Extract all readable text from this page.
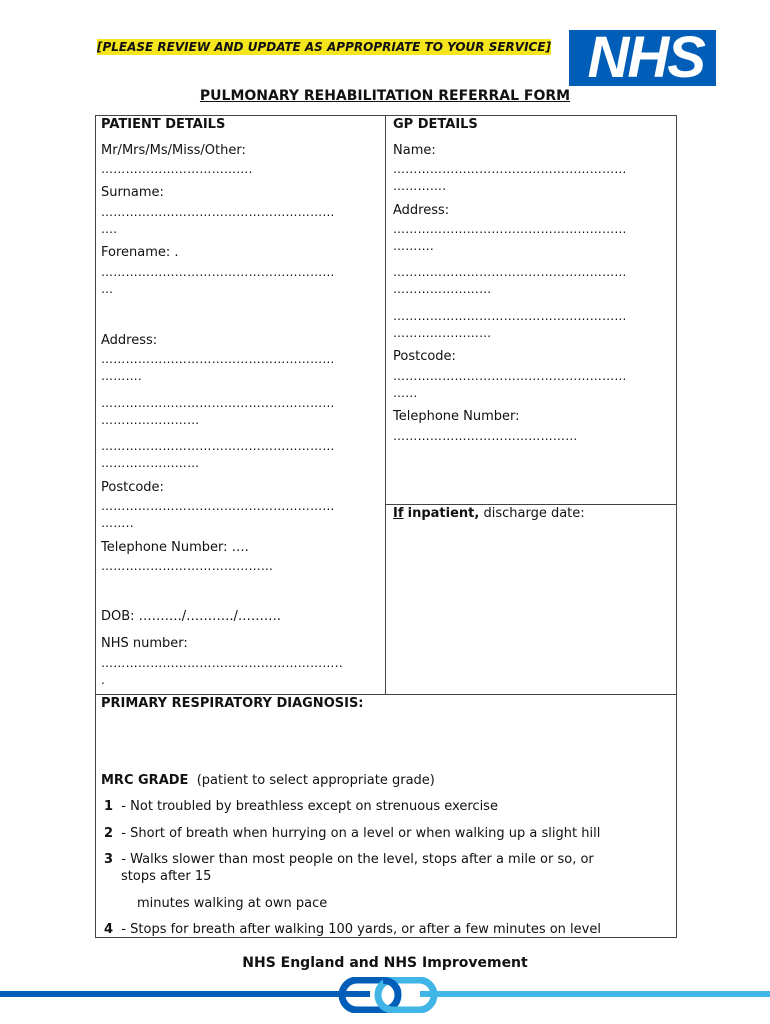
[PLEASE REVIEW AND UPDATE AS APPROPRIATE TO YOUR SERVICE] NHS
PULMONARY REHABILITATION REFERRAL FORM
PATIENT DETAILS
Mr/Mrs/Ms/Miss/Other:
……………………………….
Surname:
…………………………………………………
….
Forename: .
…………………………………………………
…
Address:
…………………………………………………
……….
…………………………………………………
……………………
…………………………………………………
……………………
Postcode:
…………………………………………………
……..
Telephone Number: ….
……………………………………
DOB: ………./………../……….
NHS number:
…………………………………………………..
.
GP DETAILS
Name:
…………………………………………………
………….
Address:
…………………………………………………
……….
…………………………………………………
……………………
…………………………………………………
……………………
Postcode:
…………………………………………………
……
Telephone Number:
………………………………………
If inpatient, discharge date:
PRIMARY RESPIRATORY DIAGNOSIS:
MRC GRADE (patient to select appropriate grade)
1 - Not troubled by breathless except on strenuous exercise
2 - Short of breath when hurrying on a level or when walking up a slight hill
3 - Walks slower than most people on the level, stops after a mile or so, or
stops after 15
minutes walking at own pace
4 - Stops for breath after walking 100 yards, or after a few minutes on level
NHS England and NHS Improvement
